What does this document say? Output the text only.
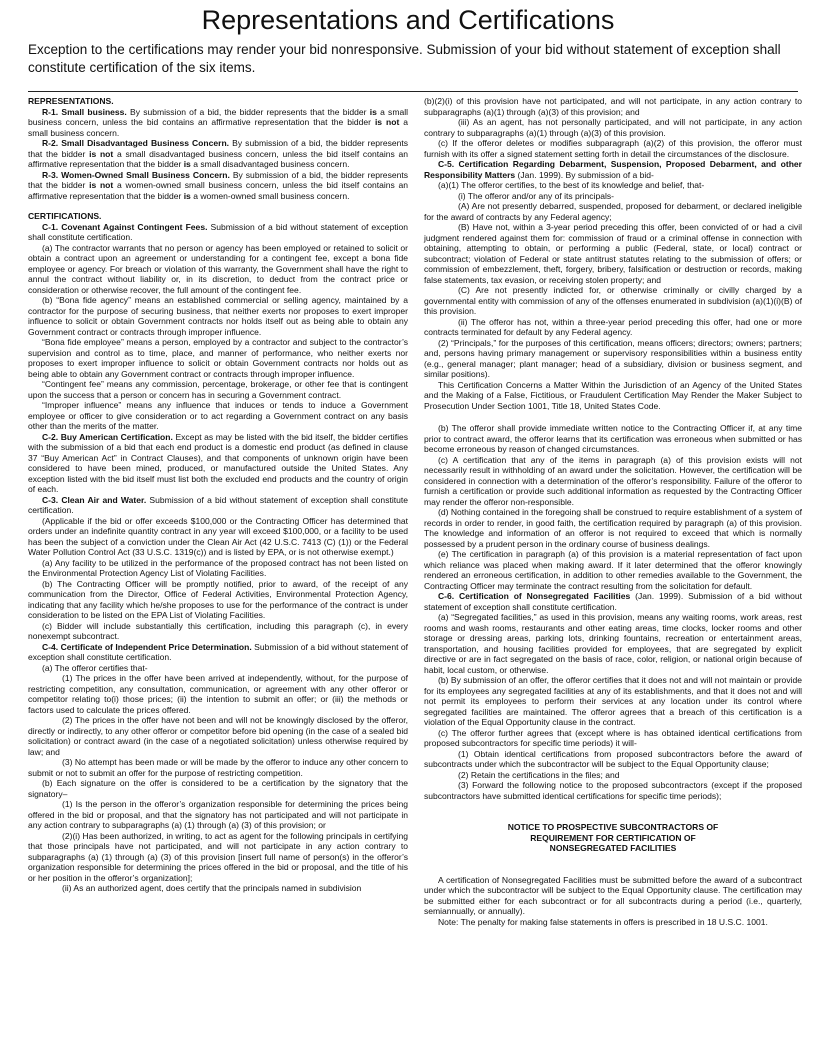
Representations and Certifications
Exception to the certifications may render your bid nonresponsive. Submission of your bid without statement of exception shall constitute certification of the six items.

REPRESENTATIONS.

R-1. Small business. By submission of a bid, the bidder represents that the bidder is a small business concern, unless the bid contains an affirmative representation that the bidder is not a small business concern.

R-2. Small Disadvantaged Business Concern. By submission of a bid, the bidder represents that the bidder is not a small disadvantaged business concern, unless the bid itself contains an affirmative representation that the bidder is a small disadvantaged business concern.

R-3. Women-Owned Small Business Concern. By submission of a bid, the bidder represents that the bidder is not a women-owned small business concern, unless the bid itself contains an affirmative representation that the bidder is a women-owned small business concern.

CERTIFICATIONS.

C-1. Covenant Against Contingent Fees. Submission of a bid without statement of exception shall constitute certification.

(a) The contractor warrants that no person or agency has been employed or retained to solicit or obtain a contract upon an agreement or understanding for a contingent fee, except a bona fide employee or agency. For breach or violation of this warranty, the Government shall have the right to annul the contract without liability or, in its discretion, to deduct from the contract price or consideration or otherwise recover, the full amount of the contingent fee.

(b) “Bona fide agency” means an established commercial or selling agency, maintained by a contractor for the purpose of securing business, that neither exerts nor proposes to exert improper influence to solicit or obtain Government contracts nor holds itself out as being able to obtain any Government contract or contracts through improper influence.

“Bona fide employee” means a person, employed by a contractor and subject to the contractor’s supervision and control as to time, place, and manner of performance, who neither exerts nor proposes to exert improper influence to solicit or obtain Government contracts nor holds out as being able to obtain any Government contract or contracts through improper influence.

“Contingent fee” means any commission, percentage, brokerage, or other fee that is contingent upon the success that a person or concern has in securing a Government contract.

“Improper influence” means any influence that induces or tends to induce a Government employee or officer to give consideration or to act regarding a Government contract on any basis other than the merits of the matter.

C-2. Buy American Certification. Except as may be listed with the bid itself, the bidder certifies with the submission of a bid that each end product is a domestic end product (as defined in clause 37 “Buy American Act” in Contract Clauses), and that components of unknown origin have been considered to have been mined, produced, or manufactured outside the United States. Any exception listed with the bid itself must list both the excluded end products and the country of origin of each.

C-3. Clean Air and Water. Submission of a bid without statement of exception shall constitute certification.

(Applicable if the bid or offer exceeds $100,000 or the Contracting Officer has determined that orders under an indefinite quantity contract in any year will exceed $100,000, or a facility to be used has been the subject of a conviction under the Clean Air Act (42 U.S.C. 7413 (C) (1)) or the Federal Water Pollution Control Act (33 U.S.C. 1319(c)) and is listed by EPA, or is not otherwise exempt.)

(a) Any facility to be utilized in the performance of the proposed contract has not been listed on the Environmental Protection Agency List of Violating Facilities.

(b) The Contracting Officer will be promptly notified, prior to award, of the receipt of any communication from the Director, Office of Federal Activities, Environmental Protection Agency, indicating that any facility which he/she proposes to use for the performance of the contract is under consideration to be listed on the EPA List of Violating Facilities.

(c) Bidder will include substantially this certification, including this paragraph (c), in every nonexempt subcontract.

C-4. Certificate of Independent Price Determination. Submission of a bid without statement of exception shall constitute certification.

(a) The offeror certifies that-

(1) The prices in the offer have been arrived at independently, without, for the purpose of restricting competition, any consultation, communication, or agreement with any other offeror or competitor relating to(i) those prices; (ii) the intention to submit an offer; or (iii) the methods or factors used to calculate the prices offered.

(2) The prices in the offer have not been and will not be knowingly disclosed by the offeror, directly or indirectly, to any other offeror or competitor before bid opening (in the case of a sealed bid solicitation) or contract award (in the case of a negotiated solicitation) unless otherwise required by law; and

(3) No attempt has been made or will be made by the offeror to induce any other concern to submit or not to submit an offer for the purpose of restricting competition.

(b) Each signature on the offer is considered to be a certification by the signatory that the signatory–

(1) Is the person in the offeror’s organization responsible for determining the prices being offered in the bid or proposal, and that the signatory has not participated and will not participate in any action contrary to subparagraphs (a) (1) through (a) (3) of this provision; or

(2)(i) Has been authorized, in writing, to act as agent for the following principals in certifying that those principals have not participated, and will not participate in any action contrary to subparagraphs (a) (1) through (a) (3) of this provision [insert full name of person(s) in the offeror’s organization responsible for determining the prices offered in the bid or proposal, and the title of his or her position in the offeror’s organization];

(ii) As an authorized agent, does certify that the principals named in subdivision

(b)(2)(i) of this provision have not participated, and will not participate, in any action contrary to subparagraphs (a)(1) through (a)(3) of this provision; and

(iii) As an agent, has not personally participated, and will not participate, in any action contrary to subparagraphs (a)(1) through (a)(3) of this provision.

(c) If the offeror deletes or modifies subparagraph (a)(2) of this provision, the offeror must furnish with its offer a signed statement setting forth in detail the circumstances of the disclosure.

C-5. Certification Regarding Debarment, Suspension, Proposed Debarment, and other Responsibility Matters (Jan. 1999). By submission of a bid-

(a)(1) The offeror certifies, to the best of its knowledge and belief, that-

(i) The offeror and/or any of its principals-

(A) Are not presently debarred, suspended, proposed for debarment, or declared ineligible for the award of contracts by any Federal agency;

(B) Have not, within a 3-year period preceding this offer, been convicted of or had a civil judgment rendered against them for: commission of fraud or a criminal offense in connection with obtaining, attempting to obtain, or performing a public (Federal, state, or local) contract or subcontract; violation of Federal or state antitrust statutes relating to the submission of offers; or commission of embezzlement, theft, forgery, bribery, falsification or destruction or records, making false statements, tax evasion, or receiving stolen property; and

(C) Are not presently indicted for, or otherwise criminally or civilly charged by a governmental entity with commission of any of the offenses enumerated in subdivision (a)(1)(i)(B) of this provision.

(ii) The offeror has not, within a three-year period preceding this offer, had one or more contracts terminated for default by any Federal agency.

(2) “Principals,” for the purposes of this certification, means officers; directors; owners; partners; and, persons having primary management or supervisory responsibilities within a business entity (e.g., general manager; plant manager; head of a subsidiary, division or business segment, and similar positions).

This Certification Concerns a Matter Within the Jurisdiction of an Agency of the United States and the Making of a False, Fictitious, or Fraudulent Certification May Render the Maker Subject to Prosecution Under Section 1001, Title 18, United States Code.

(b) The offeror shall provide immediate written notice to the Contracting Officer if, at any time prior to contract award, the offeror learns that its certification was erroneous when submitted or has become erroneous by reason of changed circumstances.

(c) A certification that any of the items in paragraph (a) of this provision exists will not necessarily result in withholding of an award under the solicitation. However, the certification will be considered in connection with a determination of the offeror’s responsibility. Failure of the offeror to furnish a certification or provide such additional information as requested by the Contracting Officer may render the offeror non-responsible.

(d) Nothing contained in the foregoing shall be construed to require establishment of a system of records in order to render, in good faith, the certification required by paragraph (a) of this provision. The knowledge and information of an offeror is not required to exceed that which is normally possessed by a prudent person in the ordinary course of business dealings.

(e) The certification in paragraph (a) of this provision is a material representation of fact upon which reliance was placed when making award. If it later determined that the offeror knowingly rendered an erroneous certification, in addition to other remedies available to the Government, the Contracting Officer may terminate the contract resulting from the solicitation for default.

C-6. Certification of Nonsegregated Facilities (Jan. 1999). Submission of a bid without statement of exception shall constitute certification.

(a) “Segregated facilities,” as used in this provision, means any waiting rooms, work areas, rest rooms and wash rooms, restaurants and other eating areas, time clocks, locker rooms and other storage or dressing areas, parking lots, drinking fountains, recreation or entertainment areas, transportation, and housing facilities provided for employees, that are segregated by explicit directive or are in fact segregated on the basis of race, color, religion, or national origin because of habit, local custom, or otherwise.

(b) By submission of an offer, the offeror certifies that it does not and will not maintain or provide for its employees any segregated facilities at any of its establishments, and that it does not and will not permit its employees to perform their services at any location under its control where segregated facilities are maintained. The offeror agrees that a breach of this certification is a violation of the Equal Opportunity clause in the contract.

(c) The offeror further agrees that (except where is has obtained identical certifications from proposed subcontractors for specific time periods) it will-

(1) Obtain identical certifications from proposed subcontractors before the award of subcontracts under which the subcontractor will be subject to the Equal Opportunity clause;

(2) Retain the certifications in the files; and

(3) Forward the following notice to the proposed subcontractors (except if the proposed subcontractors have submitted identical certifications for specific time periods);

NOTICE TO PROSPECTIVE SUBCONTRACTORS OF

REQUIREMENT FOR CERTIFICATION OF

NONSEGREGATED FACILITIES

A certification of Nonsegregated Facilities must be submitted before the award of a subcontract under which the subcontractor will be subject to the Equal Opportunity clause. The certification may be submitted either for each subcontract or for all subcontracts during a period (i.e., quarterly, semiannually, or annually).

Note: The penalty for making false statements in offers is prescribed in 18 U.S.C. 1001.
